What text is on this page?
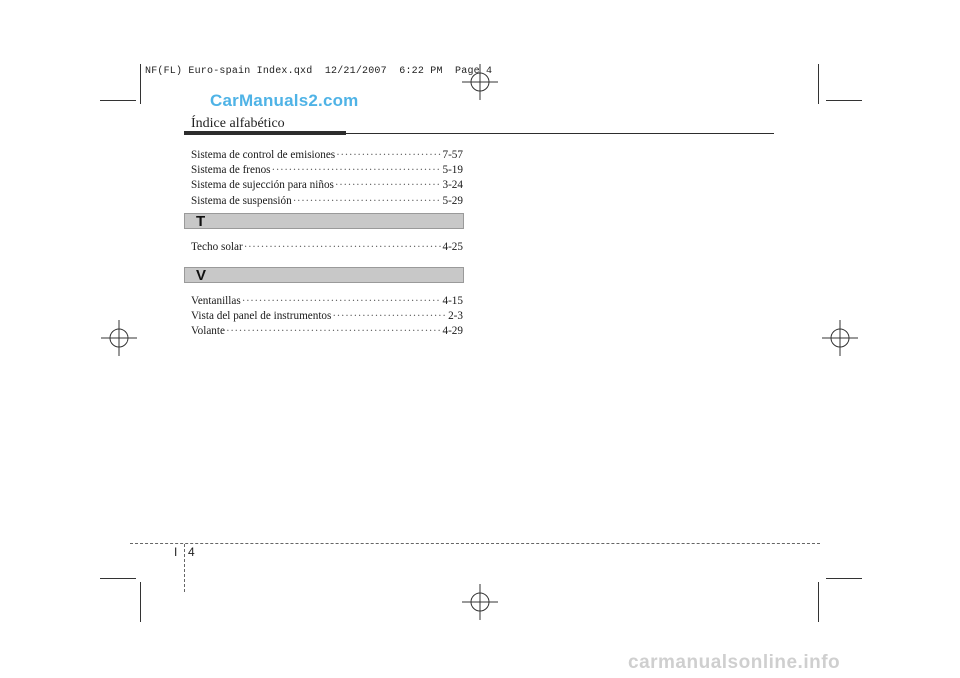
NF(FL) Euro-spain Index.qxd  12/21/2007  6:22 PM  Page 4
CarManuals2.com
Índice alfabético
Sistema de control de emisiones ·····	7-57
Sistema de frenos ·····	5-19
Sistema de sujección para niños ·····	3-24
Sistema de suspensión ·····	5-29
T
Techo solar ·····	4-25
V
Ventanillas ·····	4-15
Vista del panel de instrumentos ·····	2-3
Volante ·····	4-29
I 4
carmanualsonline.info
